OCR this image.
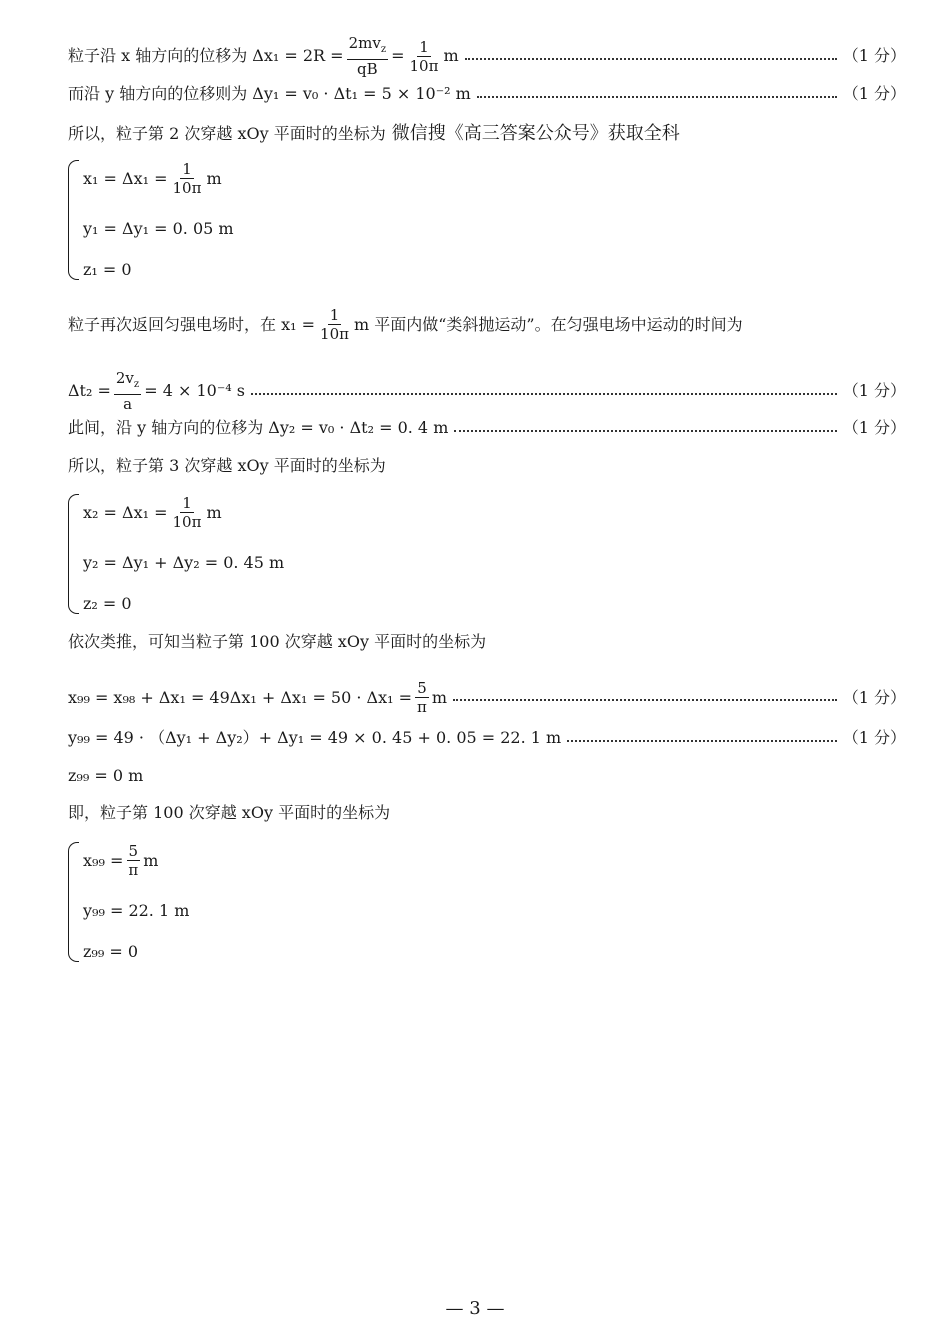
粒子沿 x 轴方向的位移为 $\Delta x_1 = 2R = \frac{2mv_z}{qB} = \frac{1}{10\pi}$ m	（1 分）
而沿 y 轴方向的位移则为 Δy₁ = v₀ · Δt₁ = 5 × 10⁻² m	（1 分）
所以，粒子第 2 次穿越 xOy 平面时的坐标为 微信搜《高三答案公众号》获取全科
$x_1 = \Delta x_1 = \frac{1}{10\pi}$ m
y₁ = Δy₁ = 0. 05 m
z₁ = 0
粒子再次返回匀强电场时，在 $x_1 = \frac{1}{10\pi}$ m 平面内做“类斜抛运动”。在匀强电场中运动的时间为
$\Delta t_2 = \frac{2v_z}{a} = 4 \times 10^{-4}$ s	（1 分）
此间，沿 y 轴方向的位移为 Δy₂ = v₀ · Δt₂ = 0. 4 m	（1 分）
所以，粒子第 3 次穿越 xOy 平面时的坐标为
$x_2 = \Delta x_1 = \frac{1}{10\pi}$ m
y₂ = Δy₁ + Δy₂ = 0. 45 m
z₂ = 0
依次类推，可知当粒子第 100 次穿越 xOy 平面时的坐标为
$x_{99} = x_{98} + \Delta x_1 = 49\Delta x_1 + \Delta x_1 = 50 \cdot \Delta x_1 = \frac{5}{\pi}$ m	（1 分）
y₉₉ = 49 · （Δy₁ + Δy₂）+ Δy₁ = 49 × 0. 45 + 0. 05 = 22. 1 m	（1 分）
z₉₉ = 0 m
即，粒子第 100 次穿越 xOy 平面时的坐标为
$x_{99} = \frac{5}{\pi}$ m
y₉₉ = 22. 1 m
z₉₉ = 0
— 3 —
